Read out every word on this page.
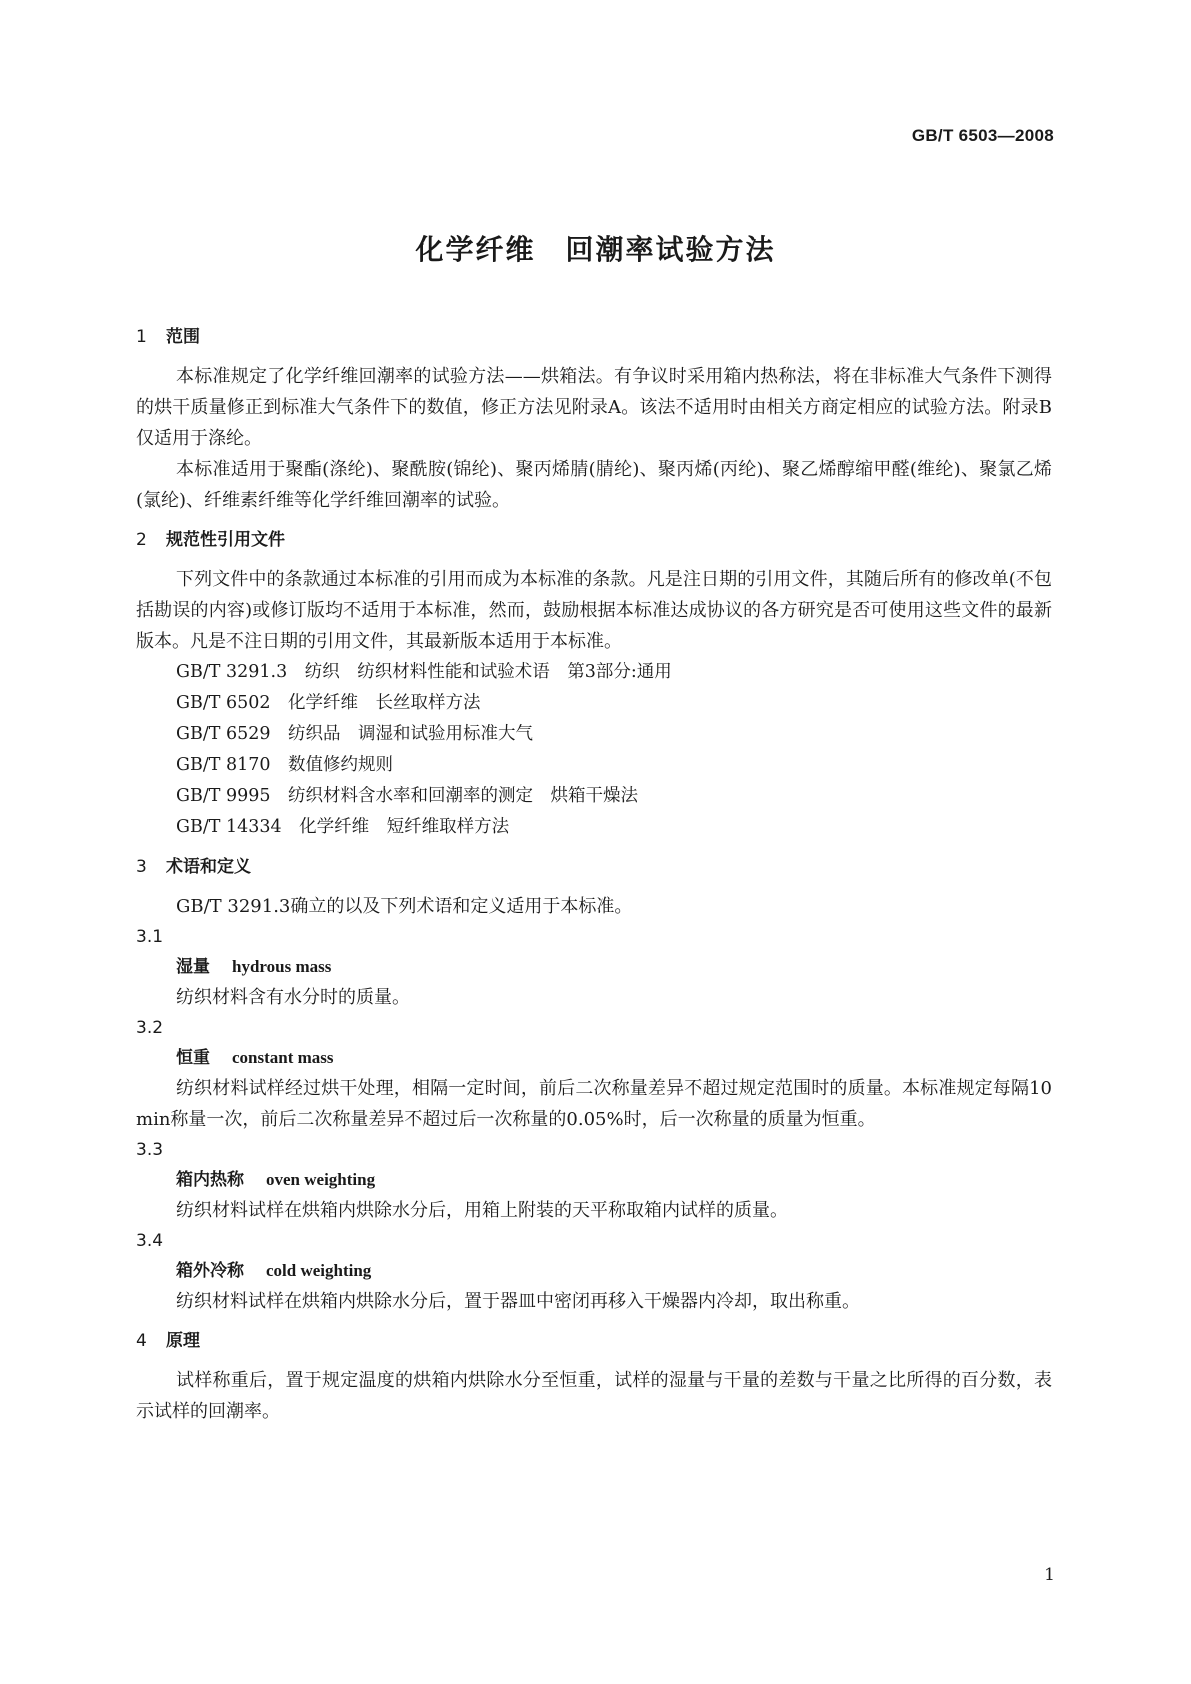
GB/T 6503—2008
化学纤维　回潮率试验方法
1 范围

本标准规定了化学纤维回潮率的试验方法——烘箱法。有争议时采用箱内热称法，将在非标准大气条件下测得的烘干质量修正到标准大气条件下的数值，修正方法见附录A。该法不适用时由相关方商定相应的试验方法。附录B仅适用于涤纶。

本标准适用于聚酯(涤纶)、聚酰胺(锦纶)、聚丙烯腈(腈纶)、聚丙烯(丙纶)、聚乙烯醇缩甲醛(维纶)、聚氯乙烯(氯纶)、纤维素纤维等化学纤维回潮率的试验。

2 规范性引用文件

下列文件中的条款通过本标准的引用而成为本标准的条款。凡是注日期的引用文件，其随后所有的修改单(不包括勘误的内容)或修订版均不适用于本标准，然而，鼓励根据本标准达成协议的各方研究是否可使用这些文件的最新版本。凡是不注日期的引用文件，其最新版本适用于本标准。

GB/T 3291.3　纺织　纺织材料性能和试验术语　第3部分:通用
GB/T 6502　化学纤维　长丝取样方法
GB/T 6529　纺织品　调湿和试验用标准大气
GB/T 8170　数值修约规则
GB/T 9995　纺织材料含水率和回潮率的测定　烘箱干燥法
GB/T 14334　化学纤维　短纤维取样方法
3 术语和定义

GB/T 3291.3确立的以及下列术语和定义适用于本标准。

3.1
湿量 hydrous mass

纺织材料含有水分时的质量。

3.2
恒重 constant mass

纺织材料试样经过烘干处理，相隔一定时间，前后二次称量差异不超过规定范围时的质量。本标准规定每隔10 min称量一次，前后二次称量差异不超过后一次称量的0.05%时，后一次称量的质量为恒重。

3.3
箱内热称 oven weighting

纺织材料试样在烘箱内烘除水分后，用箱上附装的天平称取箱内试样的质量。

3.4
箱外冷称 cold weighting

纺织材料试样在烘箱内烘除水分后，置于器皿中密闭再移入干燥器内冷却，取出称重。

4 原理

试样称重后，置于规定温度的烘箱内烘除水分至恒重，试样的湿量与干量的差数与干量之比所得的百分数，表示试样的回潮率。

1
